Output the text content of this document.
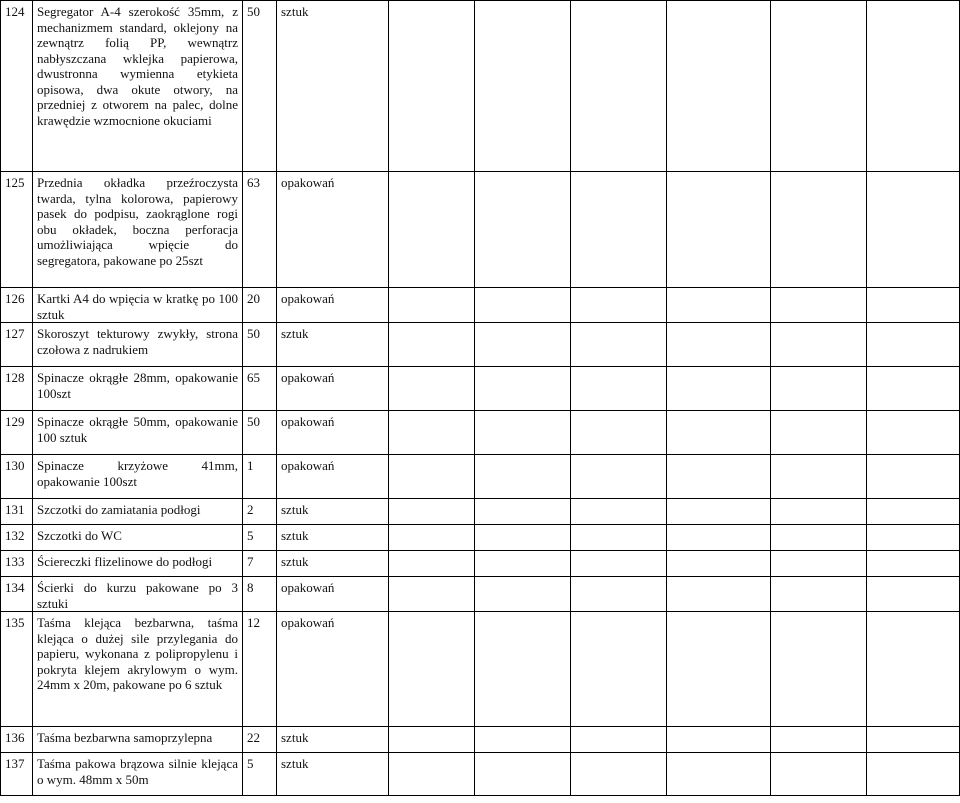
124	Segregator A-4 szerokość 35mm, z mechanizmem standard, oklejony na zewnątrz folią PP, wewnątrz nabłyszczana wklejka papierowa, dwustronna wymienna etykieta opisowa, dwa okute otwory, na przedniej z otworem na palec, dolne krawędzie wzmocnione okuciami	50	sztuk						
125	Przednia okładka przeźroczysta twarda, tylna kolorowa, papierowy pasek do podpisu, zaokrąglone rogi obu okładek, boczna perforacja umożliwiająca wpięcie do segregatora, pakowane po 25szt	63	opakowań						
126	Kartki A4 do wpięcia w kratkę po 100 sztuk	20	opakowań						
127	Skoroszyt tekturowy zwykły, strona czołowa z nadrukiem	50	sztuk						
128	Spinacze okrągłe 28mm, opakowanie 100szt	65	opakowań						
129	Spinacze okrągłe 50mm, opakowanie 100 sztuk	50	opakowań						
130	Spinacze krzyżowe 41mm, opakowanie 100szt	1	opakowań						
131	Szczotki do zamiatania podłogi	2	sztuk						
132	Szczotki do WC	5	sztuk						
133	Ściereczki flizelinowe do podłogi	7	sztuk						
134	Ścierki do kurzu pakowane po 3 sztuki	8	opakowań						
135	Taśma klejąca bezbarwna, taśma klejąca o dużej sile przylegania do papieru, wykonana z polipropylenu i pokryta klejem akrylowym o wym. 24mm x 20m, pakowane po 6 sztuk	12	opakowań						
136	Taśma bezbarwna samoprzylepna	22	sztuk						
137	Taśma pakowa brązowa silnie klejąca o wym. 48mm x 50m	5	sztuk						
